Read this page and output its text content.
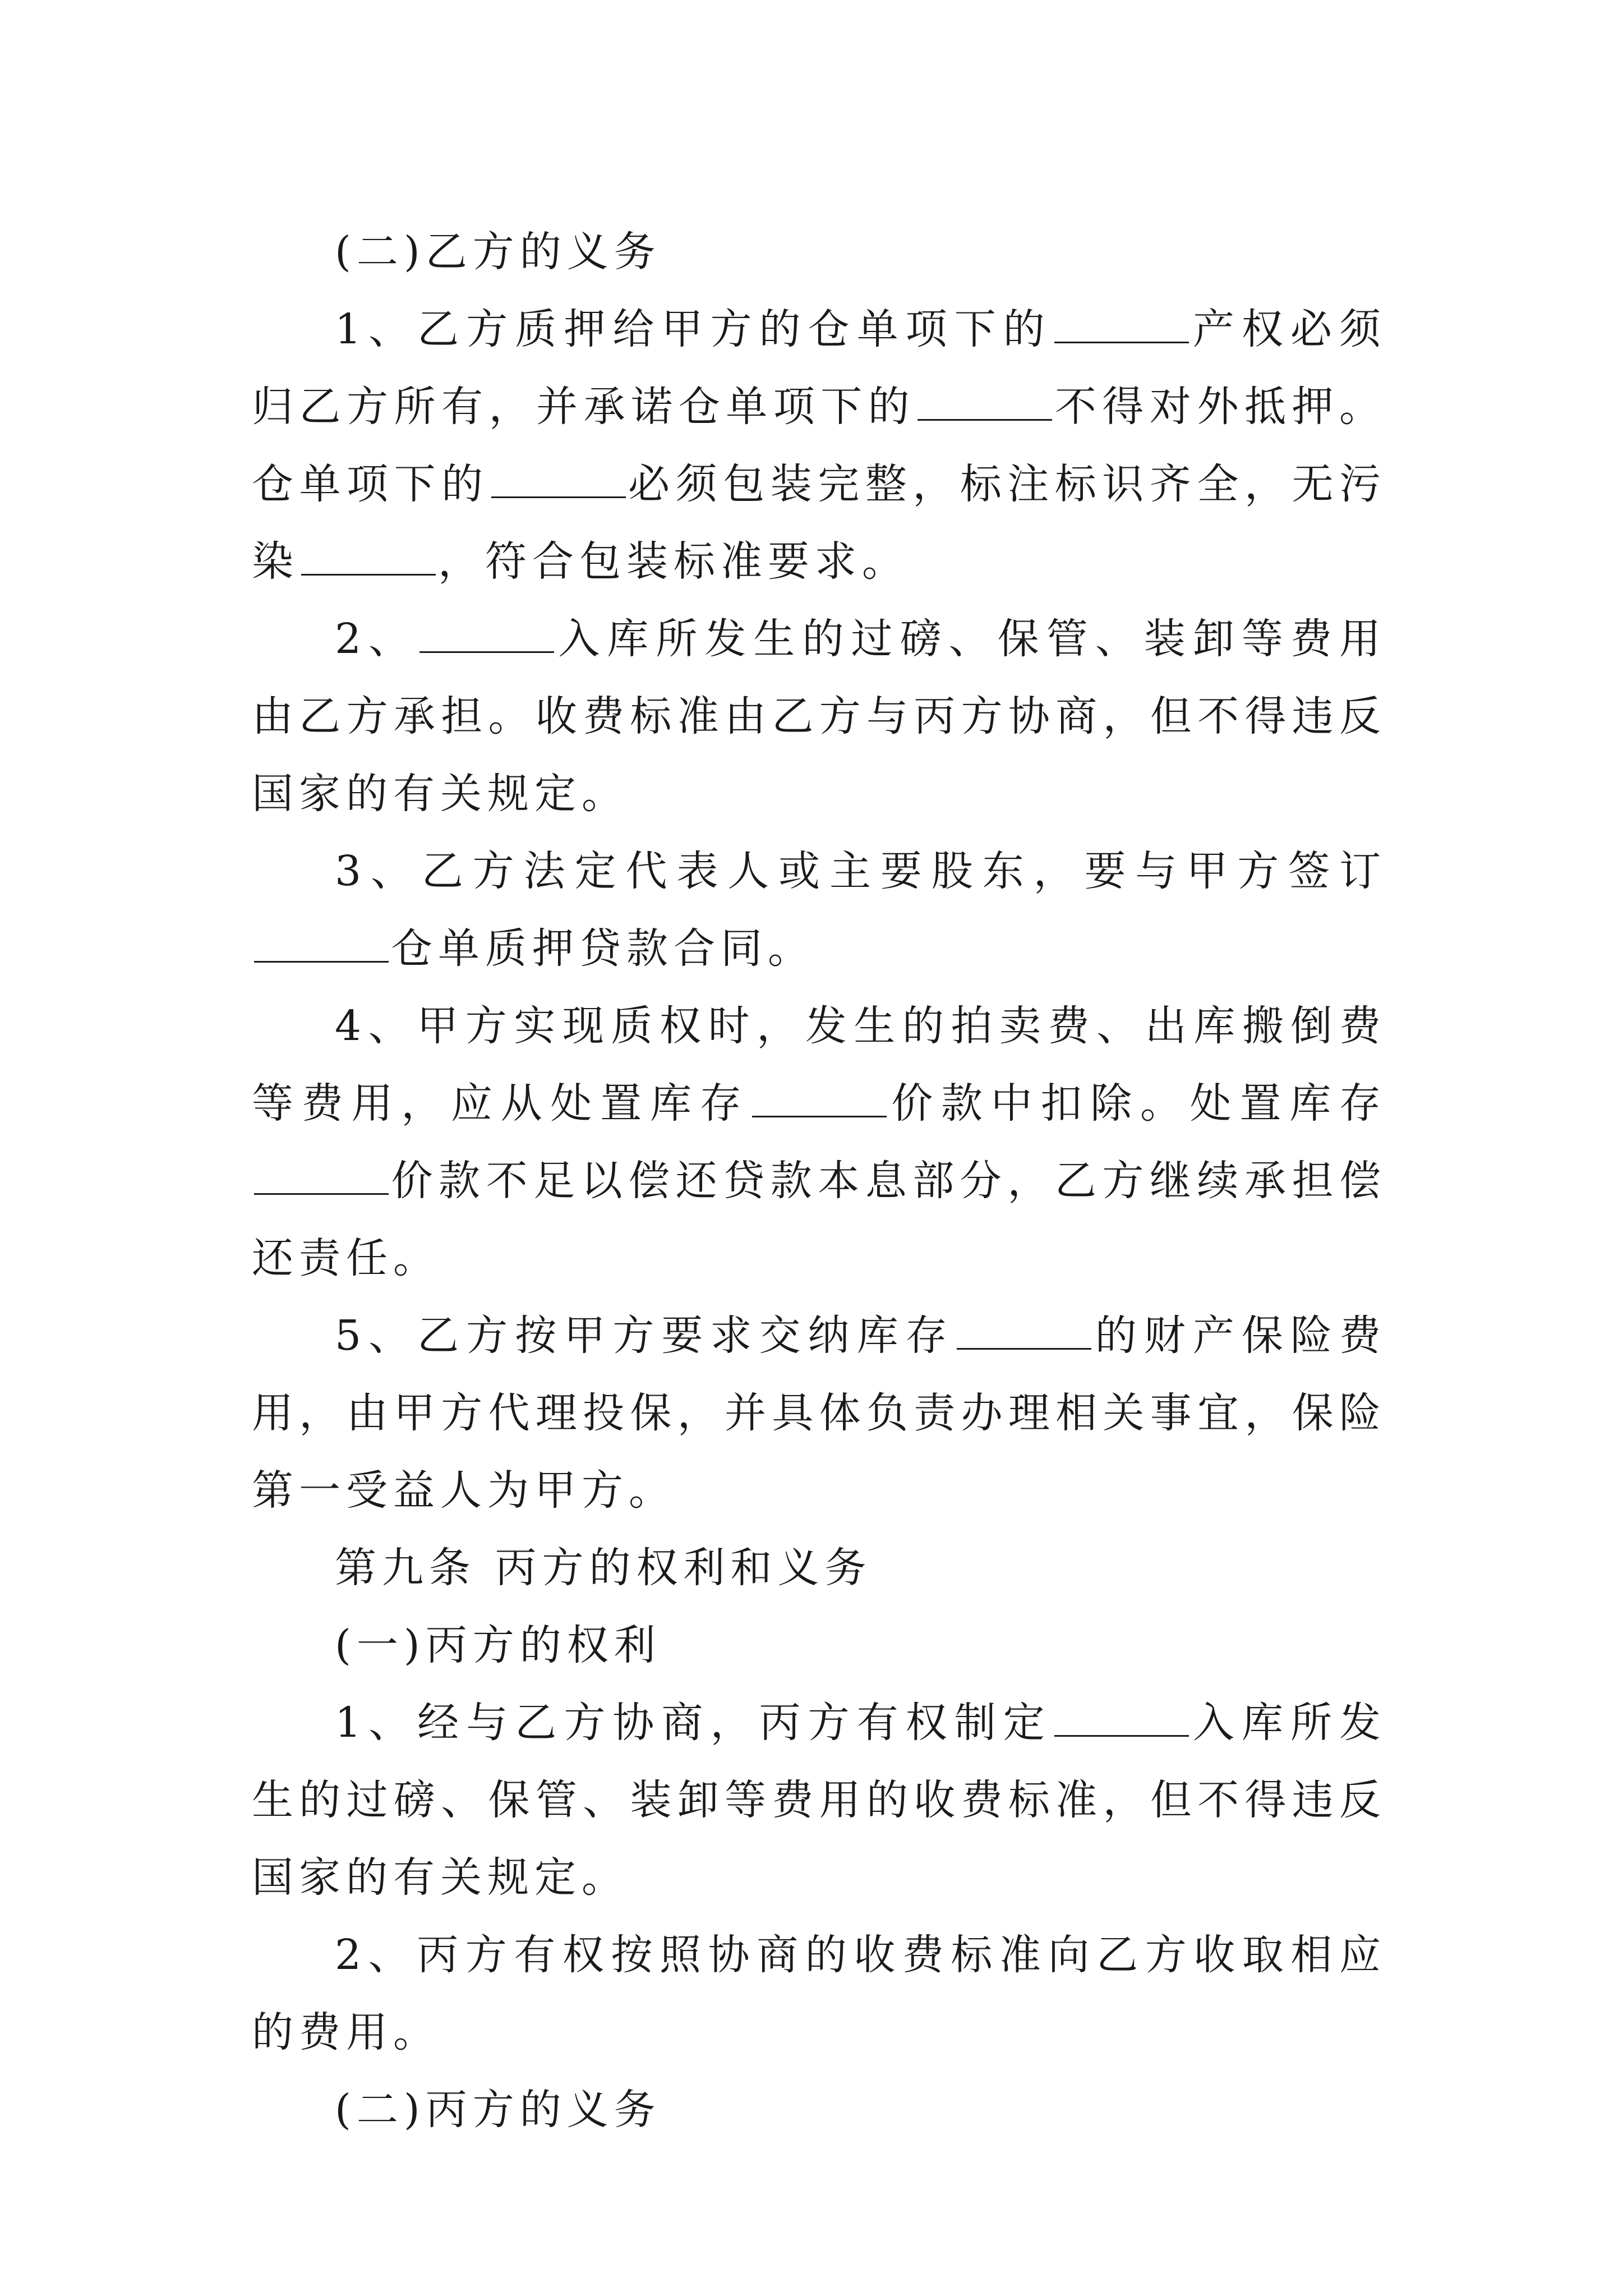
(二)乙方的义务

1、乙方质押给甲方的仓单项下的	产权必须归乙方所有，并承诺仓单项下的	不得对外抵押。仓单项下的	必须包装完整，标注标识齐全，无污染	，符合包装标准要求。

2、	入库所发生的过磅、保管、装卸等费用由乙方承担。收费标准由乙方与丙方协商，但不得违反国家的有关规定。

3、乙方法定代表人或主要股东，要与甲方签订仓单质押贷款合同。

4、甲方实现质权时，发生的拍卖费、出库搬倒费等费用，应从处置库存	价款中扣除。处置库存价款不足以偿还贷款本息部分，乙方继续承担偿还责任。

5、乙方按甲方要求交纳库存	的财产保险费用，由甲方代理投保，并具体负责办理相关事宜，保险第一受益人为甲方。

第九条 丙方的权利和义务

(一)丙方的权利

1、经与乙方协商，丙方有权制定	入库所发生的过磅、保管、装卸等费用的收费标准，但不得违反国家的有关规定。

2、丙方有权按照协商的收费标准向乙方收取相应的费用。

(二)丙方的义务
